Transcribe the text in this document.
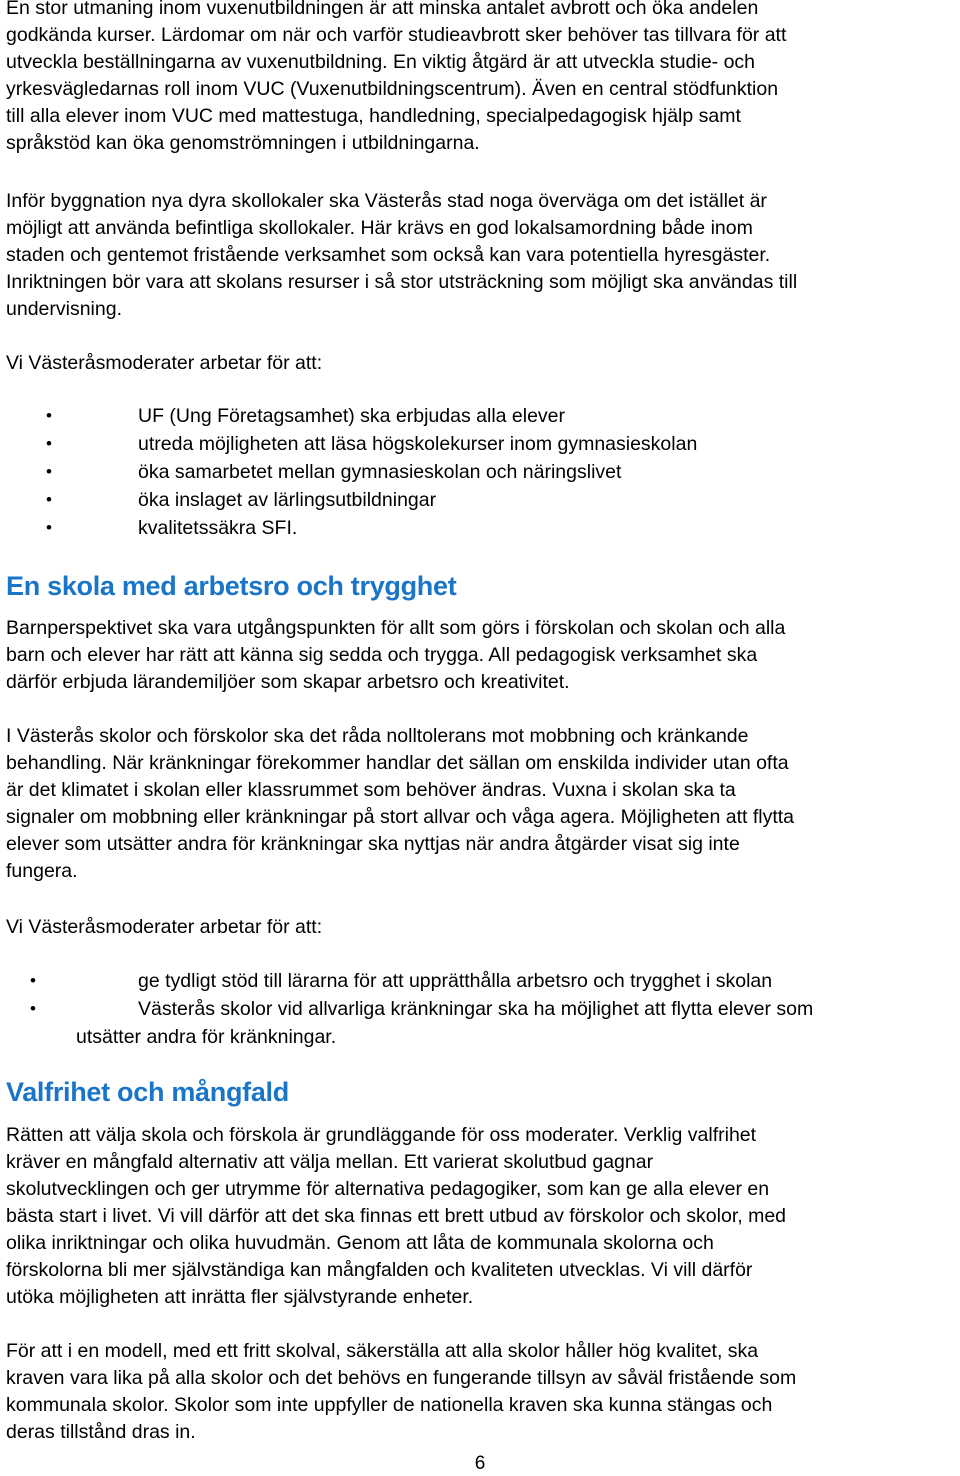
En stor utmaning inom vuxenutbildningen är att minska antalet avbrott och öka andelen
godkända kurser. Lärdomar om när och varför studieavbrott sker behöver tas tillvara för att
utveckla beställningarna av vuxenutbildning. En viktig åtgärd är att utveckla studie- och
yrkesvägledarnas roll inom VUC (Vuxenutbildningscentrum). Även en central stödfunktion
till alla elever inom VUC med mattestuga, handledning, specialpedagogisk hjälp samt
språkstöd kan öka genomströmningen i utbildningarna.

Inför byggnation nya dyra skollokaler ska Västerås stad noga överväga om det istället är
möjligt att använda befintliga skollokaler. Här krävs en god lokalsamordning både inom
staden och gentemot fristående verksamhet som också kan vara potentiella hyresgäster.
Inriktningen bör vara att skolans resurser i så stor utsträckning som möjligt ska användas till
undervisning.

Vi Västeråsmoderater arbetar för att:

•	UF (Ung Företagsamhet) ska erbjudas alla elever
•	utreda möjligheten att läsa högskolekurser inom gymnasieskolan
•	öka samarbetet mellan gymnasieskolan och näringslivet
•	öka inslaget av lärlingsutbildningar
•	kvalitetssäkra SFI.
En skola med arbetsro och trygghet

Barnperspektivet ska vara utgångspunkten för allt som görs i förskolan och skolan och alla
barn och elever har rätt att känna sig sedda och trygga. All pedagogisk verksamhet ska
därför erbjuda lärandemiljöer som skapar arbetsro och kreativitet.

I Västerås skolor och förskolor ska det råda nolltolerans mot mobbning och kränkande
behandling. När kränkningar förekommer handlar det sällan om enskilda individer utan ofta
är det klimatet i skolan eller klassrummet som behöver ändras. Vuxna i skolan ska ta
signaler om mobbning eller kränkningar på stort allvar och våga agera. Möjligheten att flytta
elever som utsätter andra för kränkningar ska nyttjas när andra åtgärder visat sig inte
fungera.

Vi Västeråsmoderater arbetar för att:

•	ge tydligt stöd till lärarna för att upprätthålla arbetsro och trygghet i skolan
•	Västerås skolor vid allvarliga kränkningar ska ha möjlighet att flytta elever som
utsätter andra för kränkningar.
Valfrihet och mångfald

Rätten att välja skola och förskola är grundläggande för oss moderater. Verklig valfrihet
kräver en mångfald alternativ att välja mellan. Ett varierat skolutbud gagnar
skolutvecklingen och ger utrymme för alternativa pedagogiker, som kan ge alla elever en
bästa start i livet. Vi vill därför att det ska finnas ett brett utbud av förskolor och skolor, med
olika inriktningar och olika huvudmän. Genom att låta de kommunala skolorna och
förskolorna bli mer självständiga kan mångfalden och kvaliteten utvecklas. Vi vill därför
utöka möjligheten att inrätta fler självstyrande enheter.

För att i en modell, med ett fritt skolval, säkerställa att alla skolor håller hög kvalitet, ska
kraven vara lika på alla skolor och det behövs en fungerande tillsyn av såväl fristående som
kommunala skolor. Skolor som inte uppfyller de nationella kraven ska kunna stängas och
deras tillstånd dras in.

6
